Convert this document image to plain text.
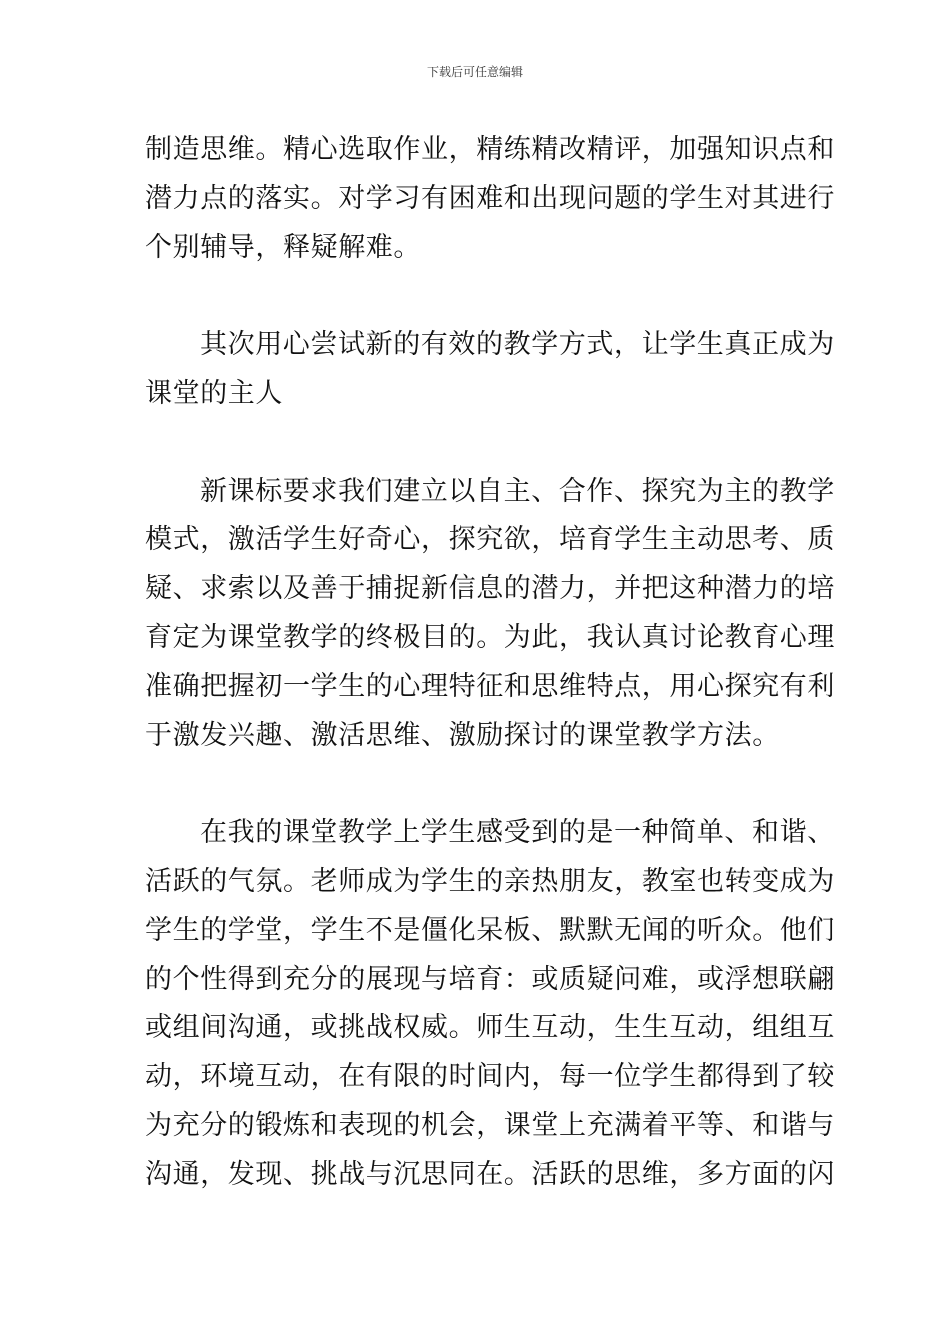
下载后可任意编辑
制造思维。精心选取作业，精练精改精评，加强知识点和
潜力点的落实。对学习有困难和出现问题的学生对其进行
个别辅导，释疑解难。
其次用心尝试新的有效的教学方式，让学生真正成为
课堂的主人
新课标要求我们建立以自主、合作、探究为主的教学
模式，激活学生好奇心，探究欲，培育学生主动思考、质
疑、求索以及善于捕捉新信息的潜力，并把这种潜力的培
育定为课堂教学的终极目的。为此，我认真讨论教育心理
准确把握初一学生的心理特征和思维特点，用心探究有利
于激发兴趣、激活思维、激励探讨的课堂教学方法。
在我的课堂教学上学生感受到的是一种简单、和谐、
活跃的气氛。老师成为学生的亲热朋友，教室也转变成为
学生的学堂，学生不是僵化呆板、默默无闻的听众。他们
的个性得到充分的展现与培育：或质疑问难，或浮想联翩
或组间沟通，或挑战权威。师生互动，生生互动，组组互
动，环境互动，在有限的时间内，每一位学生都得到了较
为充分的锻炼和表现的机会，课堂上充满着平等、和谐与
沟通，发现、挑战与沉思同在。活跃的思维，多方面的闪
